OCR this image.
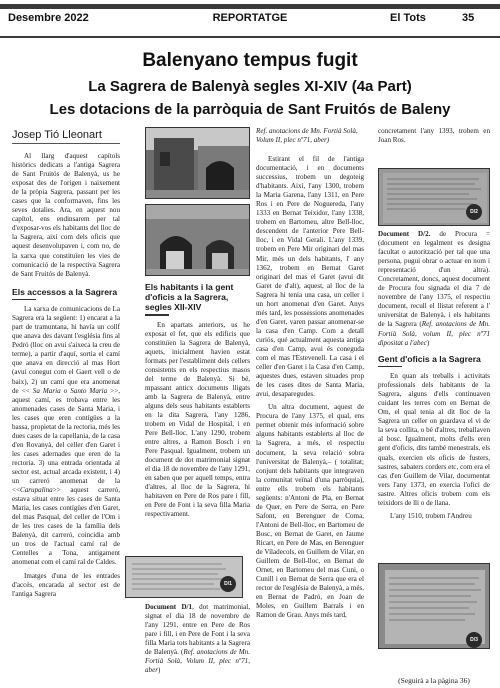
Desembre 2022	REPORTATGE	El Tots	35
Balenyano tempus fugit
La Sagrera de Balenyà segles XI-XIV (4a Part)
Les dotacions de la parròquia de Sant Fruitós de Baleny
Josep Tió Lleonart

Al llarg d'aquest capítols històrics dedicats a l'antiga Sagrera de Sant Fruitós de Balenyà, us he exposat des de l'origen i naixement de la pròpia Sagrera, passant per les cases que la conformaven, fins les seves dotalies. Ara, en aquest nou capítol, ens endinsarem per tal d'exposar-vos els habitants del lloc de la Sagrera, així com dels oficis que aquest desenvolupaven i, com no, de la xarxa que constituïen les vies de comunicació de la respectiva Sagrera de Sant Fruitós de Balenyà.

Els accessos a la Sagrera

La xarxa de comunicacions de La Sagrera era la següent: 1) encarat a la part de tramuntana, hi havia un collf que anava des davant l'església fins al Pedró (lloc on avui s'aixeca la creu de terme), a partir d'aquí, sortia el camí que anava en direcció al mas Hort (avui conegut com el Gaert vell o de baix), 2) un camí que era anomenat de << Sa Maria o Santo Maria >>, aquest camí, es trobava entre les anomenades cases de Santa Maria, i les cases que eren contígües a la bassa, propietat de la rectoria, més les dues cases de la capellania, de la casa d'en Rovanyà, del celler d'en Garet i les cases adernades que eren de la rectoria. 3) una entrada orientada al sector est, actual arcada existent, i 4) un carreró anomenat de la <<Carupalina>> aquest carreró, estava situat entre les cases de Santa Maria, les cases contígües d'en Garet, del mas Pasqual, del celler de l'Om i de les tres cases de la família dels Balenyà, dit carreró, coincidia amb un tros de l'actual camí ral de Centelles a Tona, antigament anomenat com el camí ral de Caldes.

Imatges d'una de les entrades d'accés, encarada al sector est de l'antiga Sagrera

Els habitants i la gent d'oficis a la Sagrera, segles XII-XIV

En apartats anteriors, us he exposat el fet, que els edificis que constituïen la Sagrera de Balenyà, aquets, inicialment havien estat formats per l'establiment dels cellers consistents en els respectius masos del terme de Balenyà. Si bé, mpassant anticx documents lligats amb la Sagrera de Balenyà, entre alguns dels seus habitants establerts en la dita Sagrera, l'any 1286, trobem en Vidal de Hospital, i en Pere Bell-lloc. L'any 1290, trobem entre altres, a Ramon Bosch i en Pere Pasqual. Igualment, trobem un document de dot matrimonial signat el dia 18 de novembre de l'any 1291, en saben que per aquell temps, entra d'altres, al lloc de la Sagrera, hi habitaven en Pere de Ros pare i fill, en Pere de Font i la seva filla Maria respectivament.

D/1
Document D/1, dot matrimonial, signat el dia 18 de novembre de l'any 1291, entre en Pere de Ros pare i fill, i en Pere de Font i la seva filla Maria tots habitants a la Sagrera de Balenyà. (Ref. anotacions de Mn. Fortià Solà, Volum II, plec nº71, aber)

Estirant el fil de l'antiga documentació, i en documents successius, trobem un degoteig d'habitants. Així, l'any 1300, trobem la Maria Garena, l'any 1311, en Pere Ros i en Pere de Noguereda, l'any 1333 en Bernat Teixidor, l'any 1338, trobem en Bartomeu, altre Bell-lloc, descendent de l'anterior Pere Bell-lloc, i en Vidal Gerali. L'any 1339, trobem en Pere Mir originari del mas Mir, més un dels habitants, l' any 1362, trobem en Bernat Garet originari del mas el Garet (avui dit Garet de d'alt), aquest, al lloc de la Sagrera hi tenia una casa, un celler i un hort anomenat d'en Garet. Anys més tard, les possessions anomenades d'en Garet, varen passar anomenar-se la casa d'en Camp. Com a detall curiós, qué actualment aquesta antiga casa d'en Camp, avui és coneguda com el mas l'Estevenell. La casa i el celler d'en Garet i la Casa d'en Camp, aquestes dues, estaven situades prop de les cases dites de Santa Maria, avui, desaparegudes.

Un altra document, aquest de Procura de l'any 1375, el qual, ens permet obtenir més informació sobre alguns habitants establerts al lloc de la Sagrera, a més, el respectiu document, la seva relació sobra l'universitat de Balenyà,– ( totalitat; conjunt dels habitants que integraven la comunitat veïnal d'una parròquia), entre ells trobem els habitants següents: n'Antoni de Pla, en Bernat de Quer, en Pere de Serra, en Pere Safont, en Berenguer de Coma, l'Antoni de Bell-lloc, en Bartomeu de Bosc, en Bernat de Garet, en Jaume Ricart, en Pere de Mas, en Berenguer de Viladecols, en Guillem de Vilar, en Guillem de Bell-lloc, en Bernat de Ornet, en Bartomeu del mas Cuni, o Cunill i en Bernat de Serra que era el rector de l'església de Balenyà, a més, en Bernat de Padró, en Joan de Moles, en Guillem Barrals i en Ramon de Grau. Anys més tard,

Ref. anotacions de Mn. Fortià Solà, Volum II, plec nº71, aber)

concretament l'any 1393, trobem en Joan Ros.

D/2

Document D/2. de Procura = (document en legalment es designa facultat o autorització per tal que una persona, pugui obrar o actuar en nom i representació d'un altra). Concretament, doncs, aquest document de Procura fou signada el dia 7 de novembre de l'any 1375, el respectiu document, recull el llistat referent a l' universitat de Balenyà, i els habitants de la Sagrera (Ref. anotacions de Mn. Fortià Solà, volum II, plec nº71 dipositat a l'abec)

Gent d'oficis a la Sagrera

En quan als treballs i activitats professionals dels habitants de la Sagrera, alguns d'ells continuaven cuidant les terres com en Bernat de Om, el qual tenia al dit lloc de la Sagrera un celler on guardava el vi de la seva collita, o bé d'altres, treballaven al bosc. Igualment, molts d'ells eren gent d'oficis, dits també menestrals, els quals, exercien els oficis de fusters, sastres, sabaters corders etc, com era el cas d'en Guillem de Vilar, documentat vers l'any 1373, en exercia l'ofici de sastre. Altres oficis trobem com els teixidors de lli o de llana.

L'any 1510, trobem l'Andreu

D/3
(Seguirà a la pàgina 36)
